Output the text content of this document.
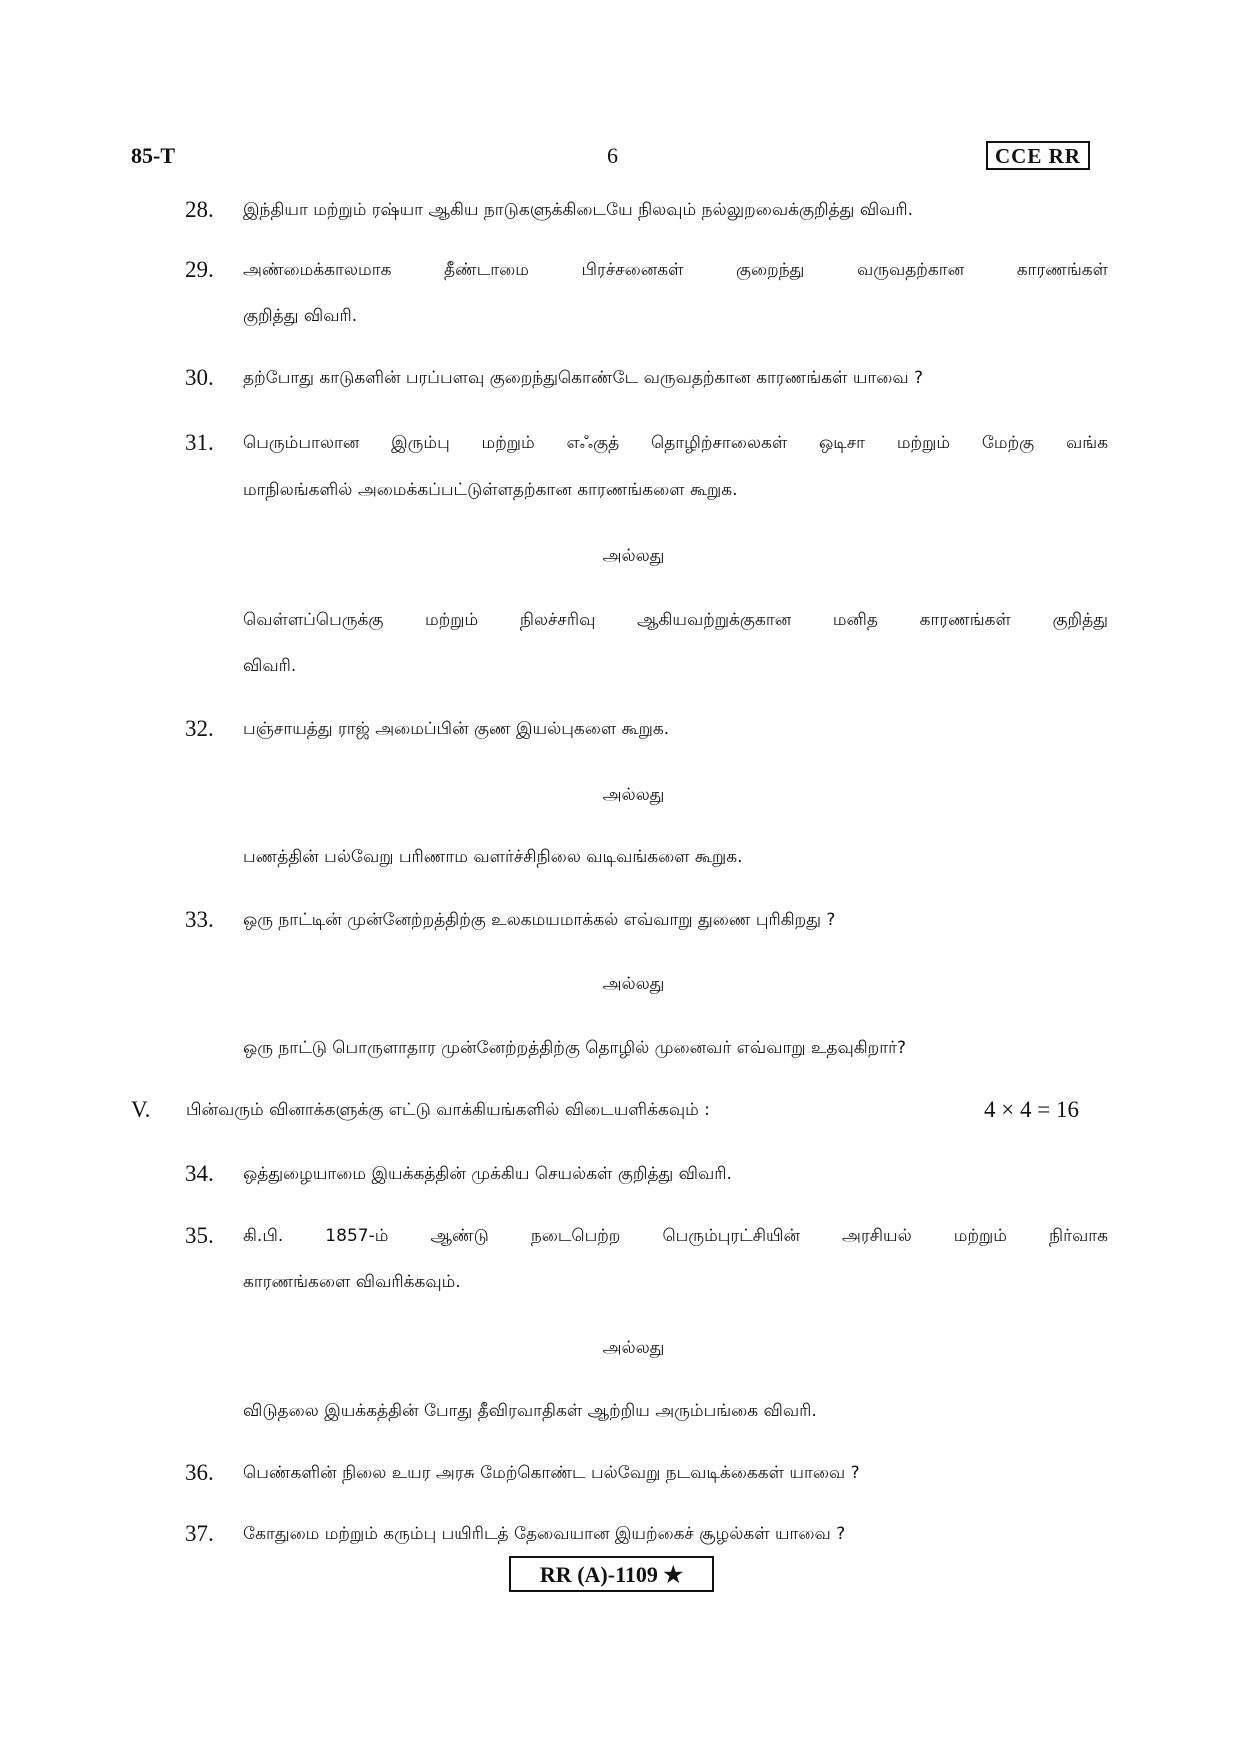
85-T	6	CCE RR
28.	இந்தியா மற்றும் ரஷ்யா ஆகிய நாடுகளுக்கிடையே நிலவும் நல்லுறவைக்குறித்து விவரி.
29.	அண்மைக்காலமாக தீண்டாமை பிரச்சனைகள் குறைந்து வருவதற்கான காரணங்கள்
குறித்து விவரி.
30.	தற்போது காடுகளின் பரப்பளவு குறைந்துகொண்டே வருவதற்கான காரணங்கள் யாவை ?
31.	பெரும்பாலான இரும்பு மற்றும் எஃகுத் தொழிற்சாலைகள் ஒடிசா மற்றும் மேற்கு வங்க
மாநிலங்களில் அமைக்கப்பட்டுள்ளதற்கான காரணங்களை கூறுக.
அல்லது
வெள்ளப்பெருக்கு மற்றும் நிலச்சரிவு ஆகியவற்றுக்குகான மனித காரணங்கள் குறித்து
விவரி.
32.	பஞ்சாயத்து ராஜ் அமைப்பின் குண இயல்புகளை கூறுக.
அல்லது
பணத்தின் பல்வேறு பரிணாம வளர்ச்சிநிலை வடிவங்களை கூறுக.
33.	ஒரு நாட்டின் முன்னேற்றத்திற்கு உலகமயமாக்கல் எவ்வாறு துணை புரிகிறது ?
அல்லது
ஒரு நாட்டு பொருளாதார முன்னேற்றத்திற்கு தொழில் முனைவர் எவ்வாறு உதவுகிறார்?
V. பின்வரும் வினாக்களுக்கு எட்டு வாக்கியங்களில் விடையளிக்கவும் :	4 × 4 = 16
34.	ஒத்துழையாமை இயக்கத்தின் முக்கிய செயல்கள் குறித்து விவரி.
35.	கி.பி. 1857-ம் ஆண்டு நடைபெற்ற பெரும்புரட்சியின் அரசியல் மற்றும் நிர்வாக
காரணங்களை விவரிக்கவும்.
அல்லது
விடுதலை இயக்கத்தின் போது தீவிரவாதிகள் ஆற்றிய அரும்பங்கை விவரி.
36.	பெண்களின் நிலை உயர அரசு மேற்கொண்ட பல்வேறு நடவடிக்கைகள் யாவை ?
37.	கோதுமை மற்றும் கரும்பு பயிரிடத் தேவையான இயற்கைச் சூழல்கள் யாவை ?
RR (A)-1109 ★
